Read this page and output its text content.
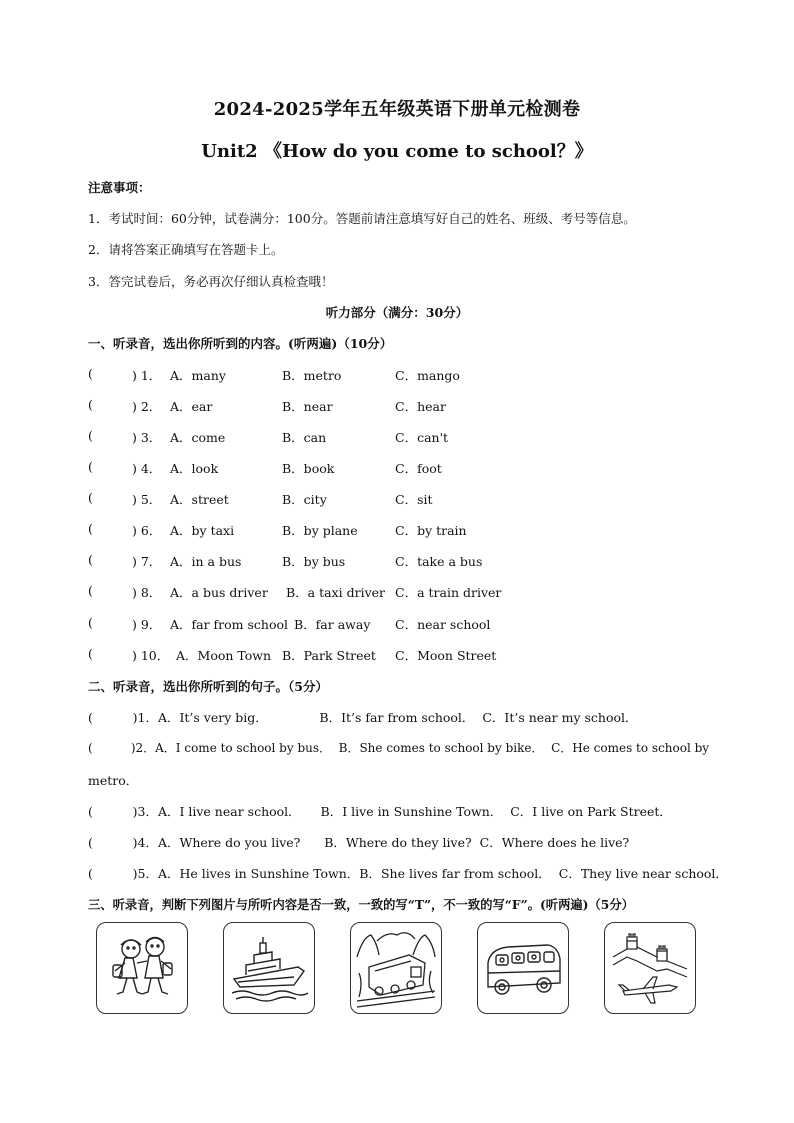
2024-2025学年五年级英语下册单元检测卷
Unit2 《How do you come to school？》
注意事项：
1．考试时间：60分钟，试卷满分：100分。答题前请注意填写好自己的姓名、班级、考号等信息。
2．请将答案正确填写在答题卡上。
3．答完试卷后，务必再次仔细认真检查哦！
听力部分（满分：30分）
一、听录音，选出你所听到的内容。(听两遍)（10分）
(	) 1． A．many	B．metro	C．mango
(	) 2． A．ear	B．near	C．hear
(	) 3． A．come	B．can	C．can't
(	) 4． A．look	B．book	C．foot
(	) 5． A．street	B．city	C．sit
(	) 6． A．by taxi	B．by plane	C．by train
(	) 7． A．in a bus	B．by bus	C．take a bus
(	) 8． A．a bus driver B．a taxi driver C．a train driver
(	) 9． A．far from school B．far away C．near school
(	) 10． A．Moon Town B．Park Street C．Moon Street
二、听录音，选出你所听到的句子。（5分）
(          )1．A．It’s very big．             B．It’s far from school．  C．It’s near my school．
(          )2．A．I come to school by bus．  B．She comes to school by bike．  C．He comes to school by
metro．
(          )3．A．I live near school．     B．I live in Sunshine Town．  C．I live on Park Street．
(          )4．A．Where do you live?      B．Where do they live?  C．Where does he live?
(          )5．A．He lives in Sunshine Town．B．She lives far from school．  C．They live near school．
三、听录音，判断下列图片与所听内容是否一致，一致的写“T”，不一致的写“F”。(听两遍)（5分）
